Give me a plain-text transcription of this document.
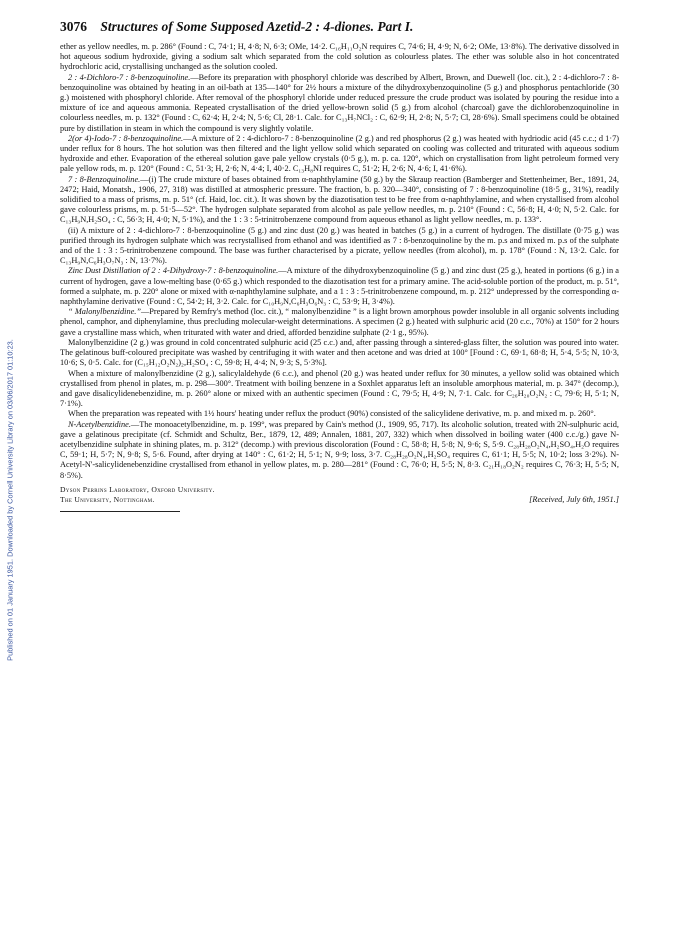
Published on 01 January 1951. Downloaded by Cornell University Library on 03/06/2017 01:10:23.
3076 Structures of Some Supposed Azetid-2 : 4-diones. Part I.

ether as yellow needles, m. p. 286° (Found : C, 74·1; H, 4·8; N, 6·3; OMe, 14·2. C₁₆H₁₁O₂N requires C, 74·6; H, 4·9; N, 6·2; OMe, 13·8%). The derivative dissolved in hot aqueous sodium hydroxide, giving a sodium salt which separated from the cold solution as colourless plates. The ether was soluble also in hot concentrated hydrochloric acid, crystallising unchanged as the solution cooled.

2 : 4-Dichloro-7 : 8-benzoquinoline.—Before its preparation with phosphoryl chloride was described by Albert, Brown, and Duewell (loc. cit.), 2 : 4-dichloro-7 : 8-benzoquinoline was obtained by heating in an oil-bath at 135—140° for 2½ hours a mixture of the dihydroxybenzoquinoline (5 g.) and phosphorus pentachloride (30 g.) moistened with phosphoryl chloride. After removal of the phosphoryl chloride under reduced pressure the crude product was isolated by pouring the residue into a mixture of ice and aqueous ammonia. Repeated crystallisation of the dried yellow-brown solid (5 g.) from alcohol (charcoal) gave the dichlorobenzoquinoline in colourless needles, m. p. 132° (Found : C, 62·4; H, 2·4; N, 5·6; Cl, 28·1. Calc. for C₁₃H₇NCl₂ : C, 62·9; H, 2·8; N, 5·7; Cl, 28·6%). Small specimens could be obtained pure by distillation in steam in which the compound is very slightly volatile.

2(or 4)-Iodo-7 : 8-benzoquinoline.—A mixture of 2 : 4-dichloro-7 : 8-benzoquinoline (2 g.) and red phosphorus (2 g.) was heated with hydriodic acid (45 c.c.; d 1·7) under reflux for 8 hours. The hot solution was then filtered and the light yellow solid which separated on cooling was collected and triturated with aqueous sodium hydroxide and ether. Evaporation of the ethereal solution gave pale yellow crystals (0·5 g.), m. p. ca. 120°, which on crystallisation from light petroleum formed very pale yellow rods, m. p. 120° (Found : C, 51·3; H, 2·6; N, 4·4; I, 40·2. C₁₃H₈NI requires C, 51·2; H, 2·6; N, 4·6; I, 41·6%).

7 : 8-Benzoquinoline.—(i) The crude mixture of bases obtained from α-naphthylamine (50 g.) by the Skraup reaction (Bamberger and Stettenheimer, Ber., 1891, 24, 2472; Haid, Monatsh., 1906, 27, 318) was distilled at atmospheric pressure. The fraction, b. p. 320—340°, consisting of 7 : 8-benzoquinoline (18·5 g., 31%), readily solidified to a mass of prisms, m. p. 51° (cf. Haid, loc. cit.). It was shown by the diazotisation test to be free from α-naphthylamine, and when crystallised from alcohol gave colourless prisms, m. p. 51·5—52°. The hydrogen sulphate separated from alcohol as pale yellow needles, m. p. 210° (Found : C, 56·8; H, 4·0; N, 5·2. Calc. for C₁₃H₉N,H₂SO₄ : C, 56·3; H, 4·0; N, 5·1%), and the 1 : 3 : 5-trinitrobenzene compound from aqueous ethanol as light yellow needles, m. p. 133°.

(ii) A mixture of 2 : 4-dichloro-7 : 8-benzoquinoline (5 g.) and zinc dust (20 g.) was heated in batches (5 g.) in a current of hydrogen. The distillate (0·75 g.) was purified through its hydrogen sulphate which was recrystallised from ethanol and was identified as 7 : 8-benzoquinoline by the m. p.s and mixed m. p.s of the sulphate and of the 1 : 3 : 5-trinitrobenzene compound. The base was further characterised by a picrate, yellow needles (from alcohol), m. p. 178° (Found : N, 13·2. Calc. for C₁₃H₉N,C₆H₃O₇N₃ : N, 13·7%).

Zinc Dust Distillation of 2 : 4-Dihydroxy-7 : 8-benzoquinoline.—A mixture of the dihydroxybenzoquinoline (5 g.) and zinc dust (25 g.), heated in portions (6 g.) in a current of hydrogen, gave a low-melting base (0·65 g.) which responded to the diazotisation test for a primary amine. The acid-soluble portion of the product, m. p. 51°, formed a sulphate, m. p. 220° alone or mixed with α-naphthylamine sulphate, and a 1 : 3 : 5-trinitrobenzene compound, m. p. 212° undepressed by the corresponding α-naphthylamine derivative (Found : C, 54·2; H, 3·2. Calc. for C₁₀H₉N,C₆H₃O₆N₃ : C, 53·9; H, 3·4%).

“ Malonylbenzidine.”—Prepared by Remfry's method (loc. cit.), “ malonylbenzidine ” is a light brown amorphous powder insoluble in all organic solvents including phenol, camphor, and diphenylamine, thus precluding molecular-weight determinations. A specimen (2 g.) heated with sulphuric acid (20 c.c., 70%) at 150° for 2 hours gave a crystalline mass which, when triturated with water and dried, afforded benzidine sulphate (2·1 g., 95%).

Malonylbenzidine (2 g.) was ground in cold concentrated sulphuric acid (25 c.c.) and, after passing through a sintered-glass filter, the solution was poured into water. The gelatinous buff-coloured precipitate was washed by centrifuging it with water and then acetone and was dried at 100° [Found : C, 69·1, 68·8; H, 5·4, 5·5; N, 10·3, 10·6; S, 0·5. Calc. for (C₁₅H₁₂O₂N₂)₂,H₂SO₄ : C, 59·8; H, 4·4; N, 9·3; S, 5·3%].

When a mixture of malonylbenzidine (2 g.), salicylaldehyde (6 c.c.), and phenol (20 g.) was heated under reflux for 30 minutes, a yellow solid was obtained which crystallised from phenol in plates, m. p. 298—300°. Treatment with boiling benzene in a Soxhlet apparatus left an insoluble amorphous material, m. p. 347° (decomp.), and gave disalicylidenebenzidine, m. p. 260° alone or mixed with an authentic specimen (Found : C, 79·5; H, 4·9; N, 7·1. Calc. for C₂₆H₂₀O₂N₂ : C, 79·6; H, 5·1; N, 7·1%).

When the preparation was repeated with 1½ hours' heating under reflux the product (90%) consisted of the salicylidene derivative, m. p. and mixed m. p. 260°.

N-Acetylbenzidine.—The monoacetylbenzidine, m. p. 199°, was prepared by Cain's method (J., 1909, 95, 717). Its alcoholic solution, treated with 2N-sulphuric acid, gave a gelatinous precipitate (cf. Schmidt and Schultz, Ber., 1879, 12, 489; Annalen, 1881, 207, 332) which when dissolved in boiling water (400 c.c./g.) gave N-acetylbenzidine sulphate in shining plates, m. p. 312° (decomp.) with previous discoloration (Found : C, 58·8; H, 5·8; N, 9·6; S, 5·9. C₂₈H₂₈O₂N₄,H₂SO₄,H₂O requires C, 59·1; H, 5·7; N, 9·8; S, 5·6. Found, after drying at 140° : C, 61·2; H, 5·1; N, 9·9; loss, 3·7. C₂₈H₂₈O₂N₄,H₂SO₄ requires C, 61·1; H, 5·5; N, 10·2; loss 3·2%). N-Acetyl-N'-salicylidenebenzidine crystallised from ethanol in yellow plates, m. p. 280—281° (Found : C, 76·0; H, 5·5; N, 8·3. C₂₁H₁₈O₂N₂ requires C, 76·3; H, 5·5; N, 8·5%).

Dyson Perrins Laboratory, Oxford University.
The University, Nottingham.	[Received, July 6th, 1951.]
